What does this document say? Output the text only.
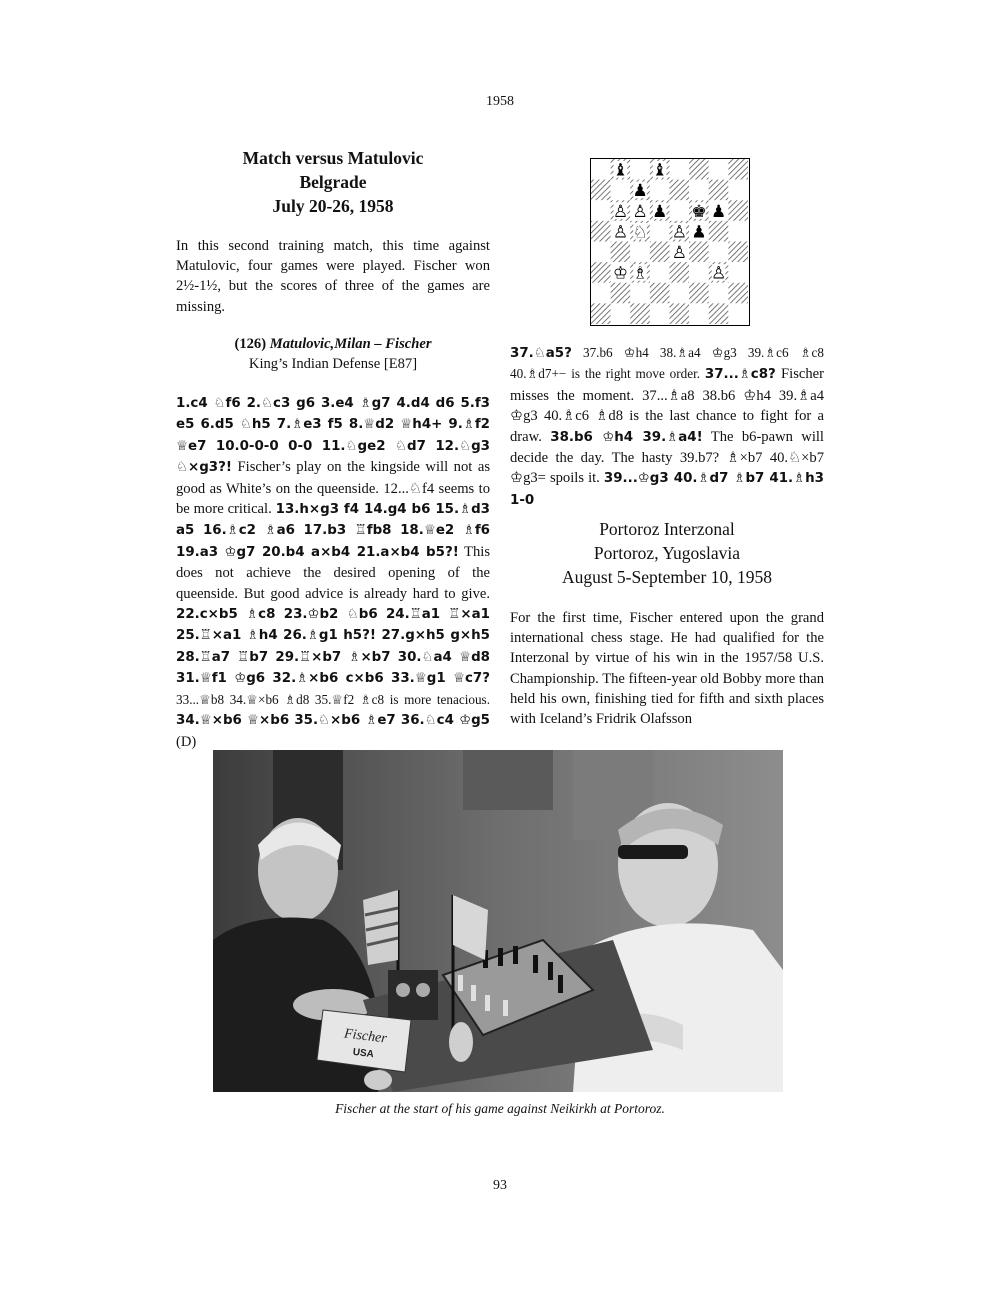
1958
Match versus Matulovic
Belgrade
July 20-26, 1958
In this second training match, this time against Matulovic, four games were played. Fischer won 2½-1½, but the scores of three of the games are missing.
(126) Matulovic,Milan – Fischer
King’s Indian Defense [E87]
1.c4 ♘f6 2.♘c3 g6 3.e4 ♗g7 4.d4 d6 5.f3 e5 6.d5 ♘h5 7.♗e3 f5 8.♕d2 ♕h4+ 9.♗f2 ♕e7 10.0-0-0 0-0 11.♘ge2 ♘d7 12.♘g3 ♘×g3?! Fischer’s play on the kingside will not as good as White’s on the queenside. 12...♘f4 seems to be more critical. 13.h×g3 f4 14.g4 b6 15.♗d3 a5 16.♗c2 ♗a6 17.b3 ♖fb8 18.♕e2 ♗f6 19.a3 ♔g7 20.b4 a×b4 21.a×b4 b5?! This does not achieve the desired opening of the queenside. But good advice is already hard to give. 22.c×b5 ♗c8 23.♔b2 ♘b6 24.♖a1 ♖×a1 25.♖×a1 ♗h4 26.♗g1 h5?! 27.g×h5 g×h5 28.♖a7 ♖b7 29.♖×b7 ♗×b7 30.♘a4 ♕d8 31.♕f1 ♔g6 32.♗×b6 c×b6 33.♕g1 ♕c7? 33...♕b8 34.♕×b6 ♗d8 35.♕f2 ♗c8 is more tenacious. 34.♕×b6 ♕×b6 35.♘×b6 ♗e7 36.♘c4 ♔g5 (D)
♝ ♝
♟
♙ ♙ ♟ ♚ ♟
♙ ♘ ♙ ♟
♙
♔ ♗	♙
37.♘a5? 37.b6 ♔h4 38.♗a4 ♔g3 39.♗c6 ♗c8 40.♗d7+− is the right move order. 37...♗c8? Fischer misses the moment. 37...♗a8 38.b6 ♔h4 39.♗a4 ♔g3 40.♗c6 ♗d8 is the last chance to fight for a draw. 38.b6 ♔h4 39.♗a4! The b6-pawn will decide the day. The hasty 39.b7? ♗×b7 40.♘×b7 ♔g3= spoils it. 39...♔g3 40.♗d7 ♗b7 41.♗h3 1-0
Portoroz Interzonal
Portoroz, Yugoslavia
August 5-September 10, 1958
For the first time, Fischer entered upon the grand international chess stage. He had qualified for the Interzonal by virtue of his win in the 1957/58 U.S. Championship. The fifteen-year old Bobby more than held his own, finishing tied for fifth and sixth places with Iceland’s Fridrik Olafsson
Fischer
USA
Fischer at the start of his game against Neikirkh at Portoroz.
93
